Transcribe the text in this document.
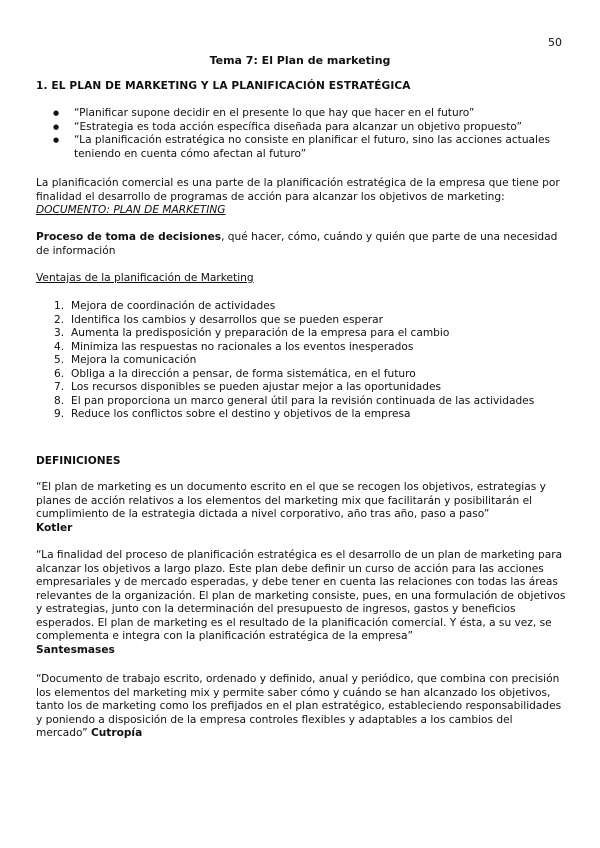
50
Tema 7: El Plan de marketing
1. EL PLAN DE MARKETING Y LA PLANIFICACIÓN ESTRATÉGICA
● “Planificar supone decidir en el presente lo que hay que hacer en el futuro”
● “Estrategia es toda acción específica diseñada para alcanzar un objetivo propuesto”
● “La planificación estratégica no consiste en planificar el futuro, sino las acciones actuales teniendo en cuenta cómo afectan al futuro”
La planificación comercial es una parte de la planificación estratégica de la empresa que tiene por finalidad el desarrollo de programas de acción para alcanzar los objetivos de marketing:
DOCUMENTO: PLAN DE MARKETING
Proceso de toma de decisiones, qué hacer, cómo, cuándo y quién que parte de una necesidad de información
Ventajas de la planificación de Marketing
1. Mejora de coordinación de actividades
2. Identifica los cambios y desarrollos que se pueden esperar
3. Aumenta la predisposición y preparación de la empresa para el cambio
4. Minimiza las respuestas no racionales a los eventos inesperados
5. Mejora la comunicación
6. Obliga a la dirección a pensar, de forma sistemática, en el futuro
7. Los recursos disponibles se pueden ajustar mejor a las oportunidades
8. El pan proporciona un marco general útil para la revisión continuada de las actividades
9. Reduce los conflictos sobre el destino y objetivos de la empresa
DEFINICIONES
“El plan de marketing es un documento escrito en el que se recogen los objetivos, estrategias y planes de acción relativos a los elementos del marketing mix que facilitarán y posibilitarán el cumplimiento de la estrategia dictada a nivel corporativo, año tras año, paso a paso”
Kotler
“La finalidad del proceso de planificación estratégica es el desarrollo de un plan de marketing para alcanzar los objetivos a largo plazo. Este plan debe definir un curso de acción para las acciones empresariales y de mercado esperadas, y debe tener en cuenta las relaciones con todas las áreas relevantes de la organización. El plan de marketing consiste, pues, en una formulación de objetivos y estrategias, junto con la determinación del presupuesto de ingresos, gastos y beneficios esperados. El plan de marketing es el resultado de la planificación comercial. Y ésta, a su vez, se complementa e integra con la planificación estratégica de la empresa”
Santesmases
“Documento de trabajo escrito, ordenado y definido, anual y periódico, que combina con precisión los elementos del marketing mix y permite saber cómo y cuándo se han alcanzado los objetivos, tanto los de marketing como los prefijados en el plan estratégico, estableciendo responsabilidades y poniendo a disposición de la empresa controles flexibles y adaptables a los cambios del mercado” Cutropía
